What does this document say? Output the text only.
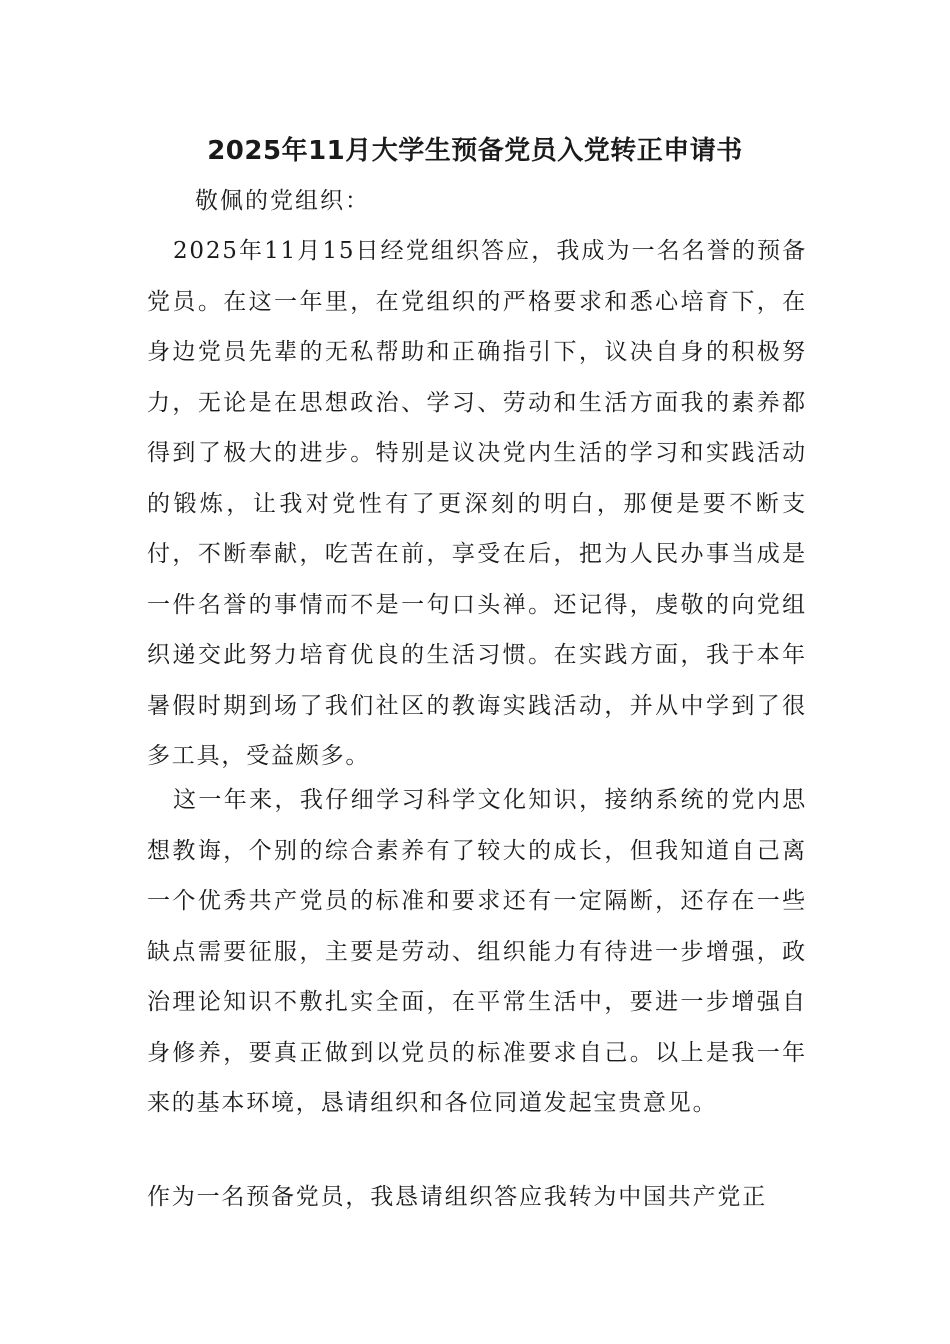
2025年11月大学生预备党员入党转正申请书
敬佩的党组织：

2025年11月15日经党组织答应，我成为一名名誉的预备党员。在这一年里，在党组织的严格要求和悉心培育下，在身边党员先辈的无私帮助和正确指引下，议决自身的积极努力，无论是在思想政治、学习、劳动和生活方面我的素养都得到了极大的进步。特别是议决党内生活的学习和实践活动的锻炼，让我对党性有了更深刻的明白，那便是要不断支付，不断奉献，吃苦在前，享受在后，把为人民办事当成是一件名誉的事情而不是一句口头禅。还记得，虔敬的向党组织递交此努力培育优良的生活习惯。在实践方面，我于本年暑假时期到场了我们社区的教诲实践活动，并从中学到了很多工具，受益颇多。

这一年来，我仔细学习科学文化知识，接纳系统的党内思想教诲，个别的综合素养有了较大的成长，但我知道自己离一个优秀共产党员的标准和要求还有一定隔断，还存在一些缺点需要征服，主要是劳动、组织能力有待进一步增强，政治理论知识不敷扎实全面，在平常生活中，要进一步增强自身修养，要真正做到以党员的标准要求自己。以上是我一年来的基本环境，恳请组织和各位同道发起宝贵意见。

作为一名预备党员，我恳请组织答应我转为中国共产党正
